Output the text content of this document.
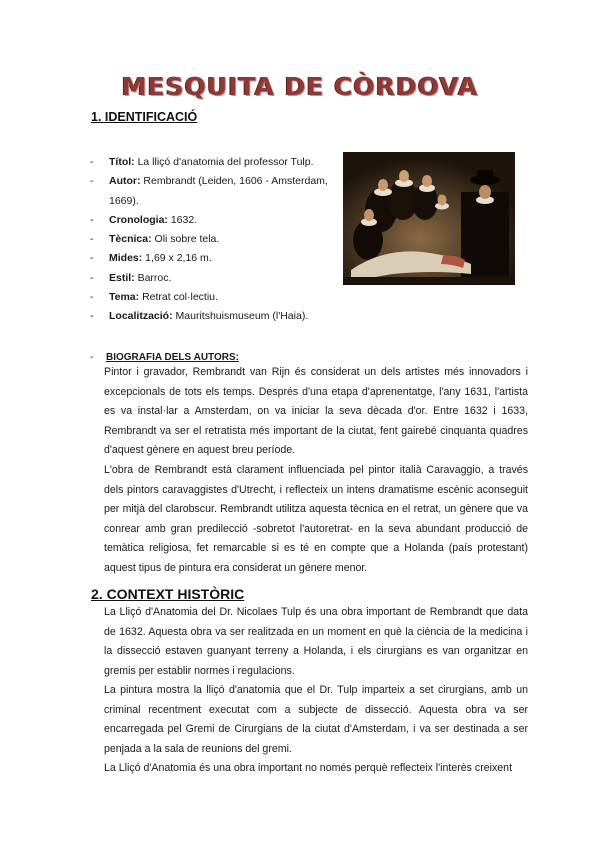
MESQUITA DE CÒRDOVA
1. IDENTIFICACIÓ
- Títol: La lliçó d'anatomia del professor Tulp.
- Autor: Rembrandt (Leiden, 1606 - Amsterdam, 1669).
- Cronologia: 1632.
- Tècnica: Oli sobre tela.
- Mides: 1,69 x 2,16 m.
- Estil: Barroc.
- Tema: Retrat col·lectiu.
- Localització: Mauritshuismuseum (l'Haia).

- BIOGRAFIA DELS AUTORS:

Pintor i gravador, Rembrandt van Rijn és considerat un dels artistes més innovadors i excepcionals de tots els temps. Després d'una etapa d'aprenentatge, l'any 1631, l'artista es va instal·lar a Amsterdam, on va iniciar la seva dècada d'or. Entre 1632 i 1633, Rembrandt va ser el retratista més important de la ciutat, fent gairebé cinquanta quadres d'aquest gènere en aquest breu període.

L'obra de Rembrandt està clarament influenciada pel pintor italià Caravaggio, a través dels pintors caravaggistes d'Utrecht, i reflecteix un intens dramatisme escènic aconseguit per mitjà del clarobscur. Rembrandt utilitza aquesta tècnica en el retrat, un gènere que va conrear amb gran predilecció -sobretot l'autoretrat- en la seva abundant producció de temàtica religiosa, fet remarcable si es té en compte que a Holanda (país protestant) aquest tipus de pintura era considerat un gènere menor.

2. CONTEXT HISTÒRIC

La Lliçó d'Anatomia del Dr. Nicolaes Tulp és una obra important de Rembrandt que data de 1632. Aquesta obra va ser realitzada en un moment en què la ciència de la medicina i la dissecció estaven guanyant terreny a Holanda, i els cirurgians es van organitzar en gremis per establir normes i regulacions.

La pintura mostra la lliçó d'anatomia que el Dr. Tulp imparteix a set cirurgians, amb un criminal recentment executat com a subjecte de dissecció. Aquesta obra va ser encarregada pel Gremi de Cirurgians de la ciutat d'Amsterdam, i va ser destinada a ser penjada a la sala de reunions del gremi.

La Lliçó d'Anatomia és una obra important no només perquè reflecteix l'interès creixent
